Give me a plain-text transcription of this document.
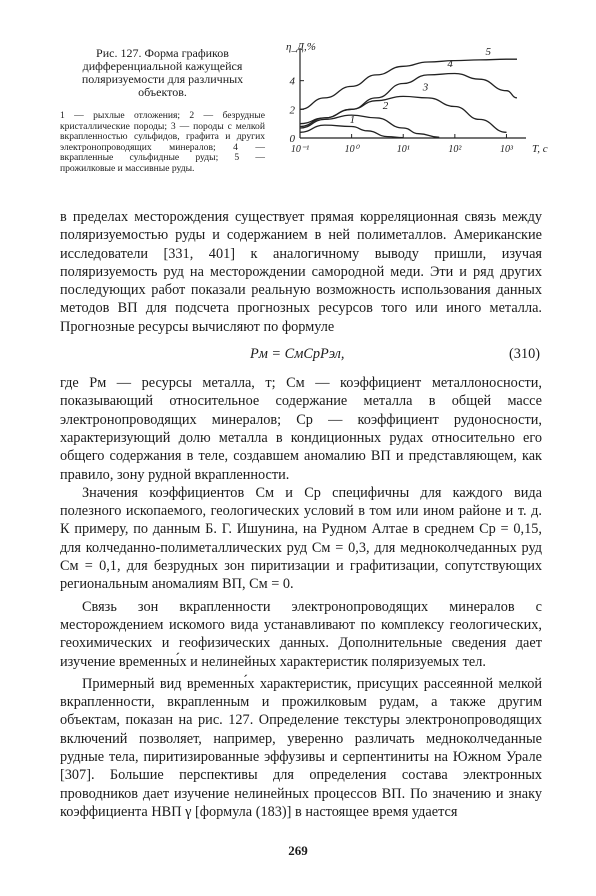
Рис. 127. Форма графиков дифференциальной кажущейся поляризуемости для различных объектов.

1 — рыхлые отложения; 2 — безрудные кристаллические породы; 3 — породы с мелкой вкрапленностью сульфидов, графита и других электронопроводящих минералов; 4 — вкрапленные сульфидные руды; 5 — прожилковые и массивные руды.

10⁻¹	10⁰	10¹	10²	10³
0
2
4
η_Д,%
T, c
1
2
3
4
5

в пределах месторождения существует прямая корреляционная связь между поляризуемостью руды и содержанием в ней полиметаллов. Американские исследователи [331, 401] к аналогичному выводу пришли, изучая поляризуемость руд на месторождении самородной меди. Эти и ряд других последующих работ показали реальную возможность использования данных методов ВП для подсчета прогнозных ресурсов того или иного металла. Прогнозные ресурсы вычисляют по формуле

Pм = СмСрPэл,	(310)

где Pм — ресурсы металла, т; См — коэффициент металлоносности, показывающий относительное содержание металла в общей массе электронопроводящих минералов; Ср — коэффициент рудоносности, характеризующий долю металла в кондиционных рудах относительно его общего содержания в теле, создавшем аномалию ВП и представляющем, как правило, зону рудной вкрапленности.

Значения коэффициентов См и Ср специфичны для каждого вида полезного ископаемого, геологических условий в том или ином районе и т. д. К примеру, по данным Б. Г. Ишунина, на Рудном Алтае в среднем Ср = 0,15, для колчеданно-полиметаллических руд См = 0,3, для медноколчеданных руд См = 0,1, для безрудных зон пиритизации и графитизации, сопутствующих региональным аномалиям ВП, См = 0.

Связь зон вкрапленности электронопроводящих минералов с месторождением искомого вида устанавливают по комплексу геологических, геохимических и геофизических данных. Дополнительные сведения дает изучение временны́х и нелинейных характеристик поляризуемых тел.

Примерный вид временны́х характеристик, присущих рассеянной мелкой вкрапленности, вкрапленным и прожилковым рудам, а также другим объектам, показан на рис. 127. Определение текстуры электронопроводящих включений позволяет, например, уверенно различать медноколчеданные рудные тела, пиритизированные эффузивы и серпентиниты на Южном Урале [307]. Большие перспективы для определения состава электронных проводников дает изучение нелинейных процессов ВП. По значению и знаку коэффициента НВП γ [формула (183)] в настоящее время удается

269
